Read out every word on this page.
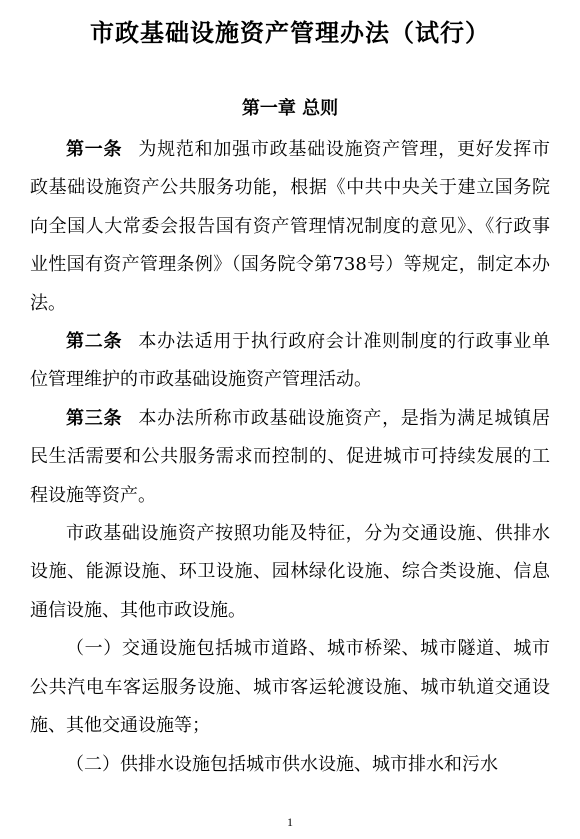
市政基础设施资产管理办法（试行）
第一章 总则

第一条 为规范和加强市政基础设施资产管理，更好发挥市政基础设施资产公共服务功能，根据《中共中央关于建立国务院向全国人大常委会报告国有资产管理情况制度的意见》、《行政事业性国有资产管理条例》（国务院令第738号）等规定，制定本办法。

第二条 本办法适用于执行政府会计准则制度的行政事业单位管理维护的市政基础设施资产管理活动。

第三条 本办法所称市政基础设施资产，是指为满足城镇居民生活需要和公共服务需求而控制的、促进城市可持续发展的工程设施等资产。

市政基础设施资产按照功能及特征，分为交通设施、供排水设施、能源设施、环卫设施、园林绿化设施、综合类设施、信息通信设施、其他市政设施。

（一）交通设施包括城市道路、城市桥梁、城市隧道、城市公共汽电车客运服务设施、城市客运轮渡设施、城市轨道交通设施、其他交通设施等；

（二）供排水设施包括城市供水设施、城市排水和污水

1
